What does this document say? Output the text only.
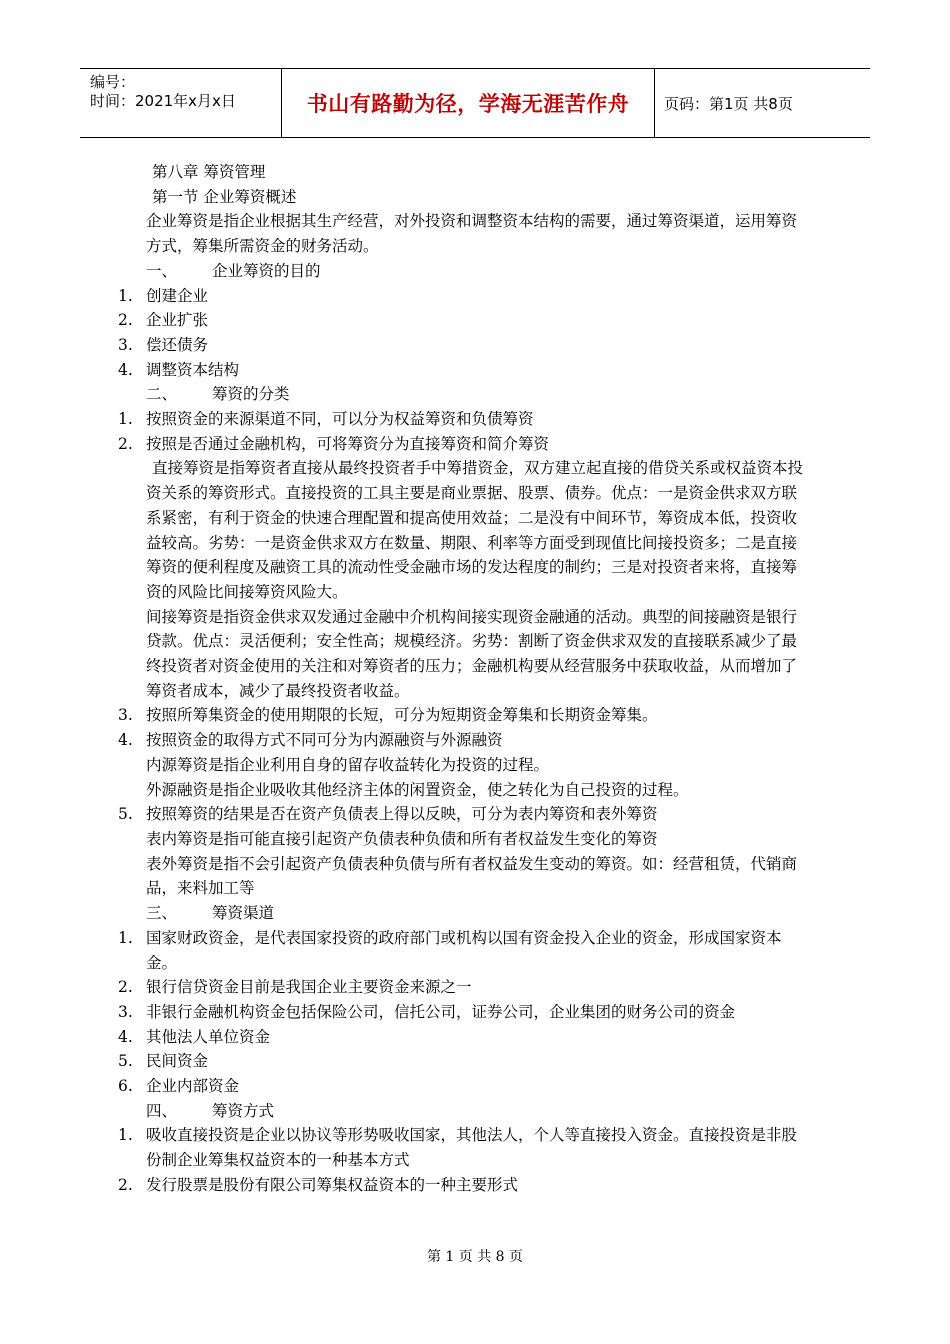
编号：
时间：2021年x月x日	书山有路勤为径，学海无涯苦作舟	页码：第1页 共8页

第八章 筹资管理

第一节 企业筹资概述

企业筹资是指企业根据其生产经营，对外投资和调整资本结构的需要，通过筹资渠道，运用筹资方式，筹集所需资金的财务活动。

一、 企业筹资的目的

1. 创建企业

2. 企业扩张

3. 偿还债务

4. 调整资本结构

二、 筹资的分类

1. 按照资金的来源渠道不同，可以分为权益筹资和负债筹资

2. 按照是否通过金融机构，可将筹资分为直接筹资和简介筹资

直接筹资是指筹资者直接从最终投资者手中筹措资金，双方建立起直接的借贷关系或权益资本投资关系的筹资形式。直接投资的工具主要是商业票据、股票、债券。优点：一是资金供求双方联系紧密，有利于资金的快速合理配置和提高使用效益；二是没有中间环节，筹资成本低，投资收益较高。劣势：一是资金供求双方在数量、期限、利率等方面受到现值比间接投资多；二是直接筹资的便利程度及融资工具的流动性受金融市场的发达程度的制约；三是对投资者来将，直接筹资的风险比间接筹资风险大。

间接筹资是指资金供求双发通过金融中介机构间接实现资金融通的活动。典型的间接融资是银行贷款。优点：灵活便利；安全性高；规模经济。劣势：割断了资金供求双发的直接联系减少了最终投资者对资金使用的关注和对筹资者的压力；金融机构要从经营服务中获取收益，从而增加了筹资者成本，减少了最终投资者收益。

3. 按照所筹集资金的使用期限的长短，可分为短期资金筹集和长期资金筹集。

4. 按照资金的取得方式不同可分为内源融资与外源融资

内源筹资是指企业利用自身的留存收益转化为投资的过程。

外源融资是指企业吸收其他经济主体的闲置资金，使之转化为自己投资的过程。

5. 按照筹资的结果是否在资产负债表上得以反映，可分为表内筹资和表外筹资

表内筹资是指可能直接引起资产负债表种负债和所有者权益发生变化的筹资

表外筹资是指不会引起资产负债表种负债与所有者权益发生变动的筹资。如：经营租赁，代销商品，来料加工等

三、 筹资渠道

1. 国家财政资金，是代表国家投资的政府部门或机构以国有资金投入企业的资金，形成国家资本金。

2. 银行信贷资金目前是我国企业主要资金来源之一

3. 非银行金融机构资金包括保险公司，信托公司，证券公司，企业集团的财务公司的资金

4. 其他法人单位资金

5. 民间资金

6. 企业内部资金

四、 筹资方式

1. 吸收直接投资是企业以协议等形势吸收国家，其他法人，个人等直接投入资金。直接投资是非股份制企业筹集权益资本的一种基本方式

2. 发行股票是股份有限公司筹集权益资本的一种主要形式

第 1 页 共 8 页
